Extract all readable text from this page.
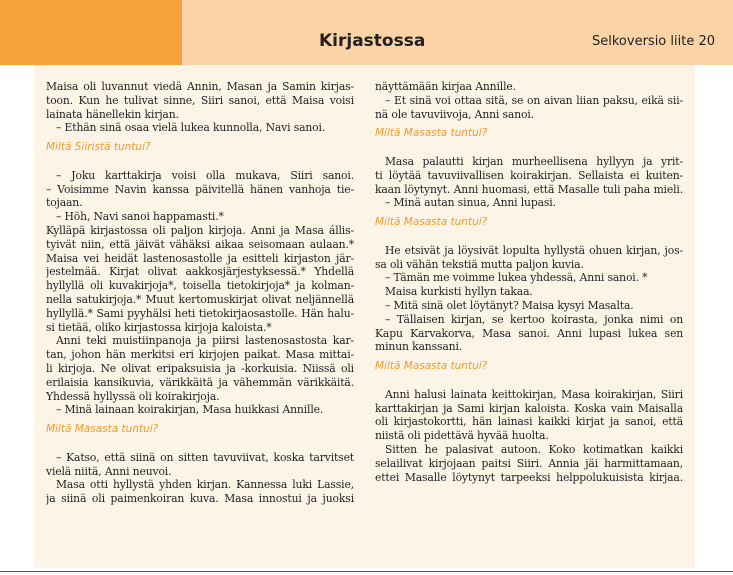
Kirjastossa	Selkoversio liite 20
Maisa oli luvannut viedä Annin, Masan ja Samin kirjas-
toon. Kun he tulivat sinne, Siiri sanoi, että Maisa voisi
lainata hänellekin kirjan.
– Ethän sinä osaa vielä lukea kunnolla, Navi sanoi.
Miltä Siiristä tuntui?
– Joku karttakirja voisi olla mukava, Siiri sanoi.
– Voisimme Navin kanssa päivitellä hänen vanhoja tie-
tojaan.
– Höh, Navi sanoi happamasti.*
Kylläpä kirjastossa oli paljon kirjoja. Anni ja Masa állis-
tyivät niin, että jäivät vähäksi aikaa seisomaan aulaan.*
Maisa vei heidät lastenosastolle ja esitteli kirjaston jär-
jestelmää. Kirjat olivat aakkosjärjestyksessä.* Yhdellä
hyllyllä oli kuvakirjoja*, toisella tietokirjoja* ja kolman-
nella satukirjoja.* Muut kertomuskirjat olivat neljännellä
hyllyllä.* Sami pyyhälsi heti tietokirjaosastolle. Hän halu-
si tietää, oliko kirjastossa kirjoja kaloista.*
Anni teki muistiinpanoja ja piirsi lastenosastosta kar-
tan, johon hän merkitsi eri kirjojen paikat. Masa mittai-
li kirjoja. Ne olivat eripaksuisia ja -korkuisia. Niissä oli
erilaisia kansikuvia, värikkäitä ja vähemmän värikkäitä.
Yhdessä hyllyssä oli koirakirjoja.
– Minä lainaan koirakirjan, Masa huikkasi Annille.
Miltä Masasta tuntui?
– Katso, että siinä on sitten tavuviivat, koska tarvitset
vielä niitä, Anni neuvoi.
Masa otti hyllystä yhden kirjan. Kannessa luki Lassie,
ja siinä oli paimenkoiran kuva. Masa innostui ja juoksi
näyttämään kirjaa Annille.
– Et sinä voi ottaa sitä, se on aivan liian paksu, eikä sii-
nä ole tavuviivoja, Anni sanoi.
Miltä Masasta tuntui?
Masa palautti kirjan murheellisena hyllyyn ja yrit-
ti löytää tavuviivallisen koirakirjan. Sellaista ei kuiten-
kaan löytynyt. Anni huomasi, että Masalle tuli paha mieli.
– Minä autan sinua, Anni lupasi.
Miltä Masasta tuntui?
He etsivät ja löysivät lopulta hyllystä ohuen kirjan, jos-
sa oli vähän tekstiä mutta paljon kuvia.
– Tämän me voimme lukea yhdessä, Anni sanoi. *
Maisa kurkisti hyllyn takaa.
– Mitä sinä olet löytänyt? Maisa kysyi Masalta.
– Tällaisen kirjan, se kertoo koirasta, jonka nimi on
Kapu Karvakorva, Masa sanoi. Anni lupasi lukea sen
minun kanssani.
Miltä Masasta tuntui?
Anni halusi lainata keittokirjan, Masa koirakirjan, Siiri
karttakirjan ja Sami kirjan kaloista. Koska vain Maisalla
oli kirjastokortti, hän lainasi kaikki kirjat ja sanoi, että
niistä oli pidettävä hyvää huolta.
Sitten he palasivat autoon. Koko kotimatkan kaikki
selailivat kirjojaan paitsi Siiri. Annia jäi harmittamaan,
ettei Masalle löytynyt tarpeeksi helppolukuisista kirjaa.
